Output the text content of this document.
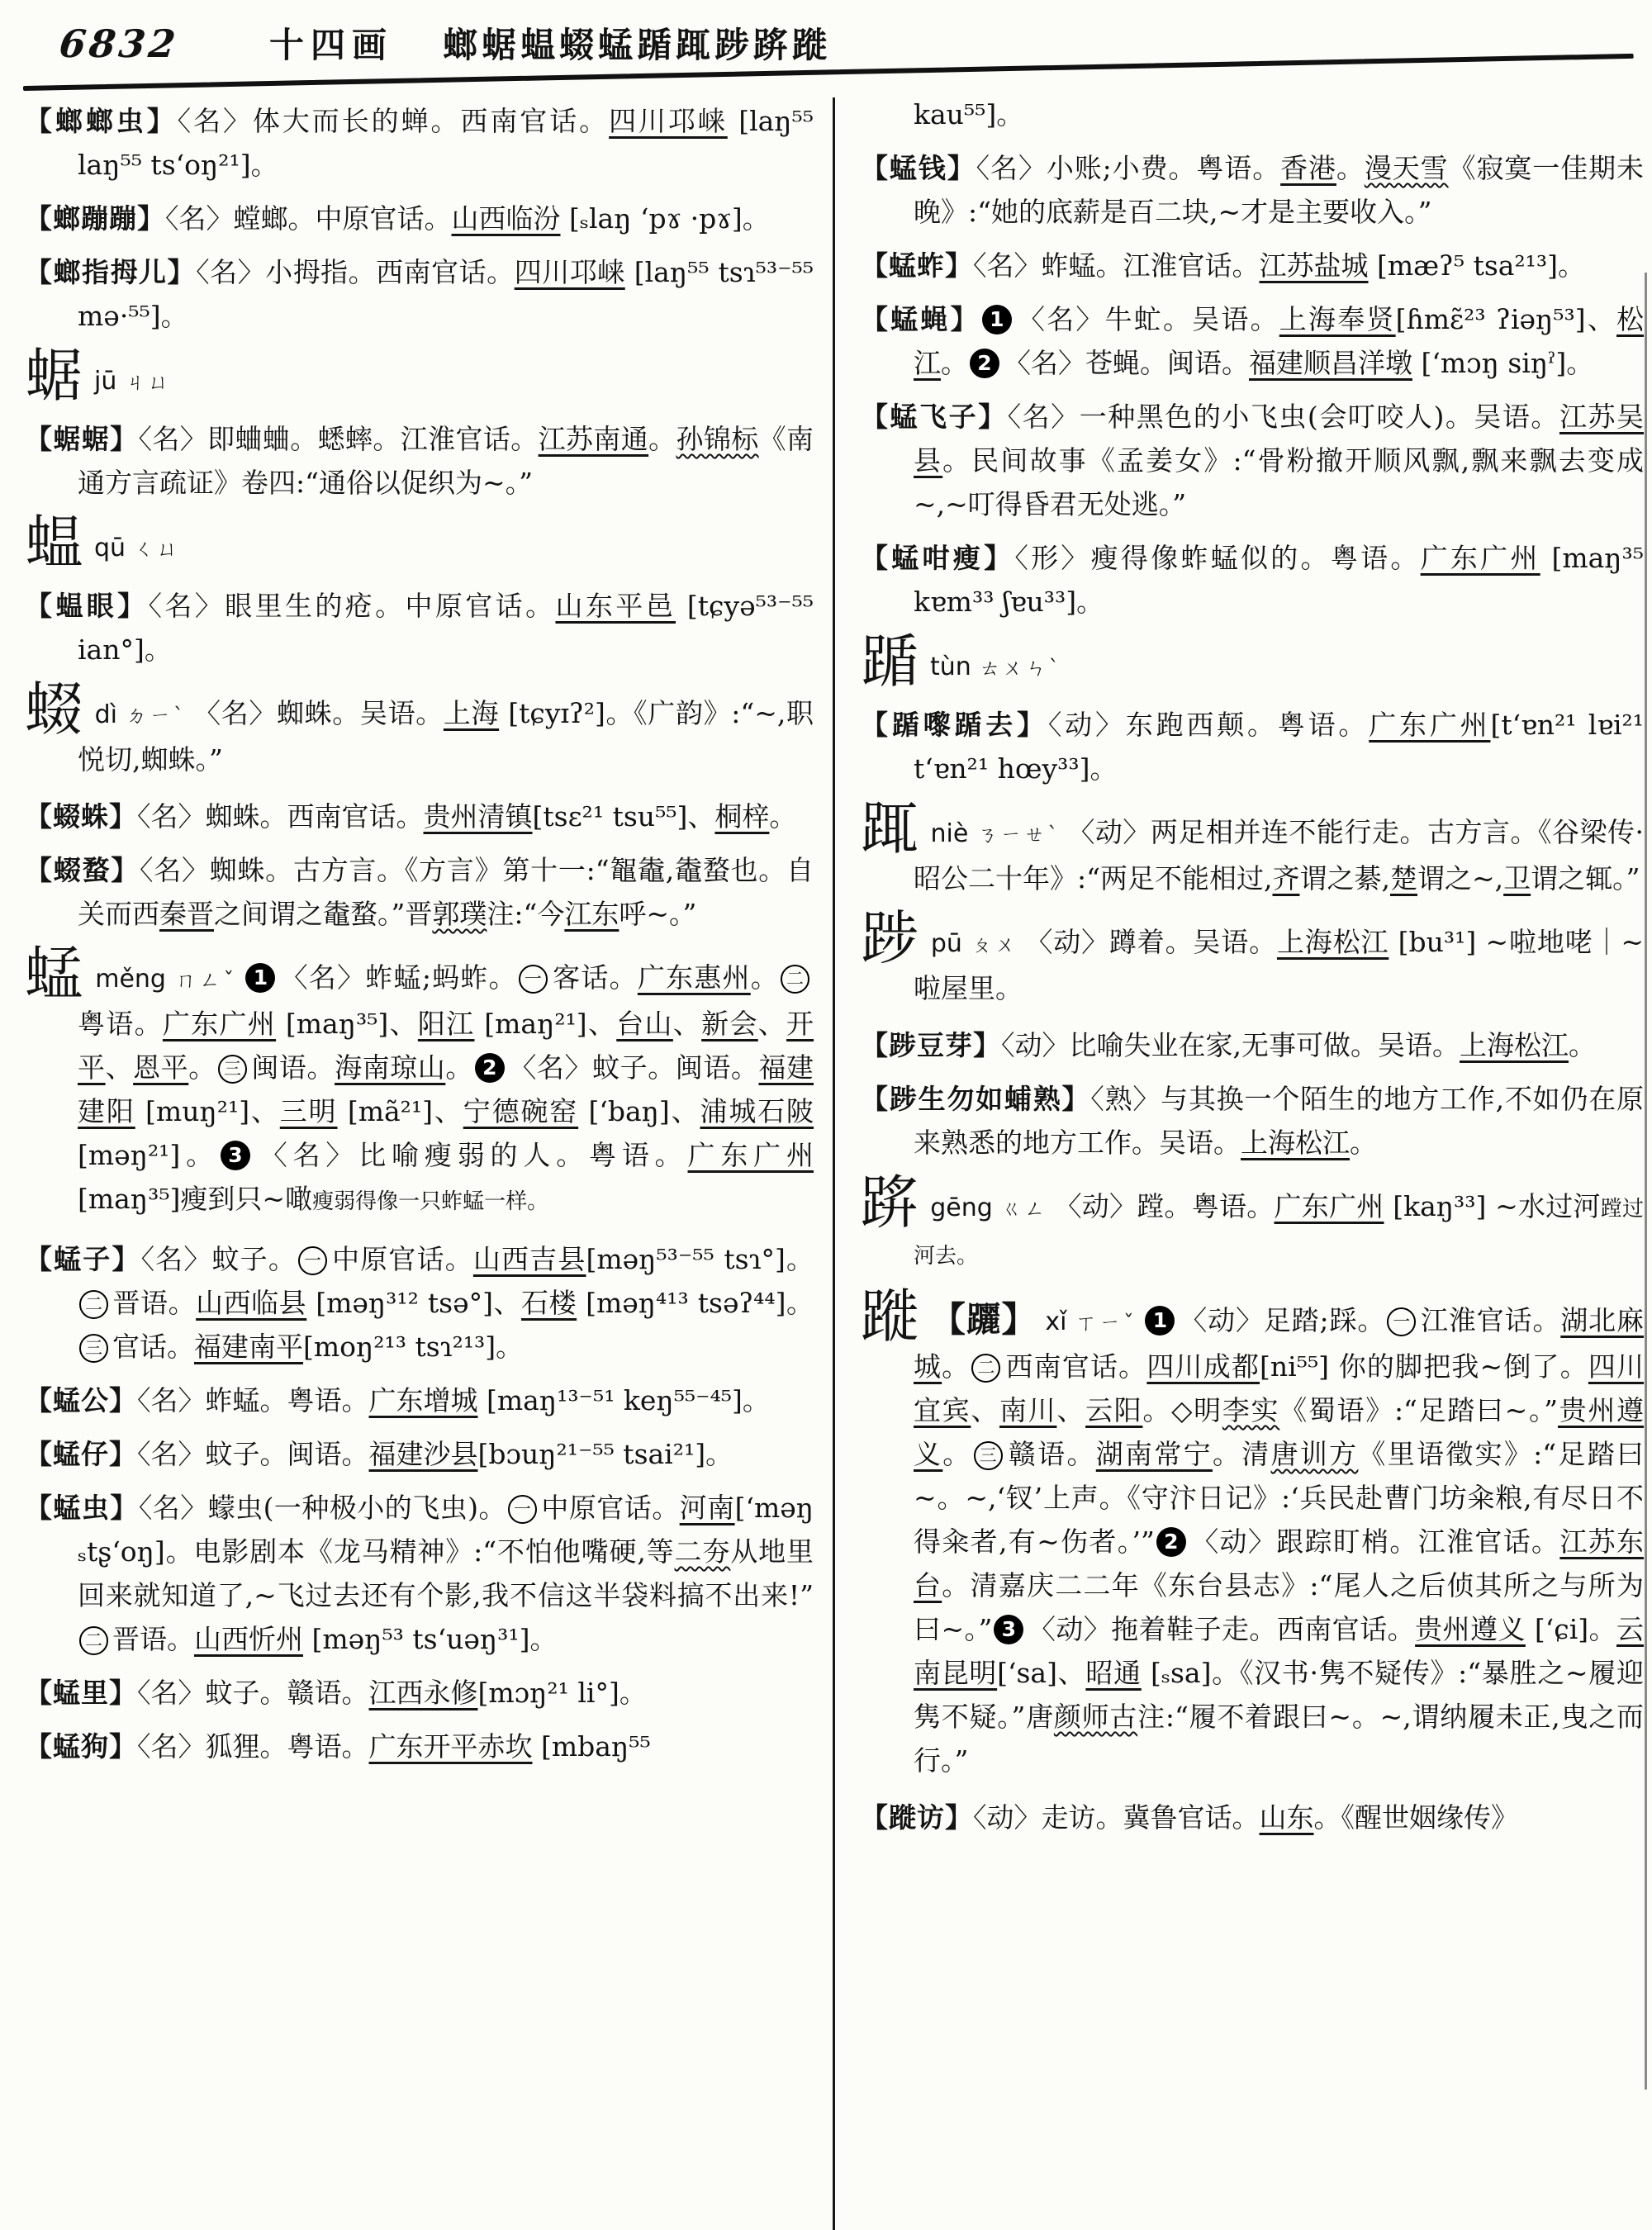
6832	十四画 螂蜛蝹蝃蜢踲踂踄䟸蹝

【螂螂虫】〈名〉体大而长的蝉。西南官话。四川邛崃 [laŋ⁵⁵ laŋ⁵⁵ tsʻoŋ²¹]。

【螂蹦蹦】〈名〉螳螂。中原官话。山西临汾 [ₛlaŋ ʻpɤ ·pɤ]。

【螂指拇儿】〈名〉小拇指。西南官话。四川邛崃 [laŋ⁵⁵ tsɿ⁵³⁻⁵⁵ mə·⁵⁵]。

蜛jū ㄐㄩ

【蜛蜛】〈名〉即蛐蛐。蟋蟀。江淮官话。江苏南通。孙锦标《南通方言疏证》卷四:“通俗以促织为~。”

蝹qū ㄑㄩ

【蝹眼】〈名〉眼里生的疮。中原官话。山东平邑 [tɕyə⁵³⁻⁵⁵ ian°]。

蝃dì ㄉㄧˋ 〈名〉蜘蛛。吴语。上海 [tɕyɪʔ²]。《广韵》:“~,职悦切,蜘蛛。”

【蝃蛛】〈名〉蜘蛛。西南官话。贵州清镇[tsɛ²¹ tsu⁵⁵]、桐梓。

【蝃蝥】〈名〉蜘蛛。古方言。《方言》第十一:“鼅鼄,鼄蝥也。自关而西秦晋之间谓之鼄蝥。”晋郭璞注:“今江东呼~。”

蜢měng ㄇㄥˇ 1 〈名〉蚱蜢;蚂蚱。 一 客话。广东惠州。 二粤语。广东广州 [maŋ³⁵]、阳江 [maŋ²¹]、台山、新会、开平、恩平。 三 闽语。海南琼山。 2 〈名〉蚊子。闽语。福建建阳 [muŋ²¹]、三明 [mã²¹]、宁德碗窑 [ʻbaŋ]、浦城石陂 [məŋ²¹]。 3 〈名〉比喻瘦弱的人。粤语。广东广州 [maŋ³⁵]瘦到只~噉瘦弱得像一只蚱蜢一样。

【蜢子】〈名〉蚊子。 一 中原官话。山西吉县[məŋ⁵³⁻⁵⁵ tsɿ°]。二 晋语。山西临县 [məŋ³¹² tsə°]、石楼 [məŋ⁴¹³ tsəʔ⁴⁴]。三 官话。福建南平[moŋ²¹³ tsɿ²¹³]。

【蜢公】〈名〉蚱蜢。粤语。广东增城 [maŋ¹³⁻⁵¹ keŋ⁵⁵⁻⁴⁵]。

【蜢仔】〈名〉蚊子。闽语。福建沙县[bɔuŋ²¹⁻⁵⁵ tsai²¹]。

【蜢虫】〈名〉蠓虫(一种极小的飞虫)。 一 中原官话。河南[ʻməŋ ₛtʂʻoŋ]。电影剧本《龙马精神》:“不怕他嘴硬,等二夯从地里回来就知道了,~飞过去还有个影,我不信这半袋料搞不出来!”二 晋语。山西忻州 [məŋ⁵³ tsʻuəŋ³¹]。

【蜢里】〈名〉蚊子。赣语。江西永修[mɔŋ²¹ li°]。

【蜢狗】〈名〉狐狸。粤语。广东开平赤坎 [mbaŋ⁵⁵

kau⁵⁵]。

【蜢钱】〈名〉小账;小费。粤语。香港。漫天雪《寂寞一佳期未晚》:“她的底薪是百二块,~才是主要收入。”

【蜢蚱】〈名〉蚱蜢。江淮官话。江苏盐城 [mæʔ⁵ tsa²¹³]。

【蜢蝇】 1 〈名〉牛虻。吴语。上海奉贤[ɦmɛ̃²³ ʔiəŋ⁵³]、松江。 2 〈名〉苍蝇。闽语。福建顺昌洋墩 [ʻmɔŋ siŋˀ]。

【蜢飞子】〈名〉一种黑色的小飞虫(会叮咬人)。吴语。江苏吴县。民间故事《孟姜女》:“骨粉撤开顺风飘,飘来飘去变成~,~叮得昏君无处逃。”

【蜢咁瘦】〈形〉瘦得像蚱蜢似的。粤语。广东广州 [maŋ³⁵ kɐm³³ ʃɐu³³]。

踲tùn ㄊㄨㄣˋ

【踲嚟踲去】〈动〉东跑西颠。粤语。广东广州[tʻɐn²¹ lɐi²¹ tʻɐn²¹ hœy³³]。

踂niè ㄋㄧㄝˋ 〈动〉两足相并连不能行走。古方言。《谷梁传·昭公二十年》:“两足不能相过,齐谓之綦,楚谓之~,卫谓之辄。”

踄pū ㄆㄨ 〈动〉蹲着。吴语。上海松江 [bu³¹] ~啦地咾｜~啦屋里。

【踄豆芽】〈动〉比喻失业在家,无事可做。吴语。上海松江。

【踄生勿如蜅熟】〈熟〉与其换一个陌生的地方工作,不如仍在原来熟悉的地方工作。吴语。上海松江。

䟸gēng ㄍㄥ 〈动〉蹚。粤语。广东广州 [kaŋ³³] ~水过河蹚过河去。

蹝 【躧】 xǐ ㄒㄧˇ 1 〈动〉足踏;踩。 一 江淮官话。湖北麻城。 二 西南官话。四川成都[ni⁵⁵] 你的脚把我~倒了。四川宜宾、南川、云阳。◇明李实《蜀语》:“足踏曰~。”贵州遵义。 三 赣语。湖南常宁。清唐训方《里语徵实》:“足踏曰~。~,‘钗’上声。《守汴日记》:‘兵民赴曹门坊籴粮,有尽日不得籴者,有~伤者。’” 2 〈动〉跟踪盯梢。江淮官话。江苏东台。清嘉庆二二年《东台县志》:“尾人之后侦其所之与所为曰~。” 3 〈动〉拖着鞋子走。西南官话。贵州遵义 [ʻɕi]。云南昆明[ʻsa]、昭通 [ₛsa]。《汉书·隽不疑传》:“暴胜之~履迎隽不疑。”唐颜师古注:“履不着跟曰~。~,谓纳履未正,曳之而行。”

【蹝访】〈动〉走访。冀鲁官话。山东。《醒世姻缘传》
